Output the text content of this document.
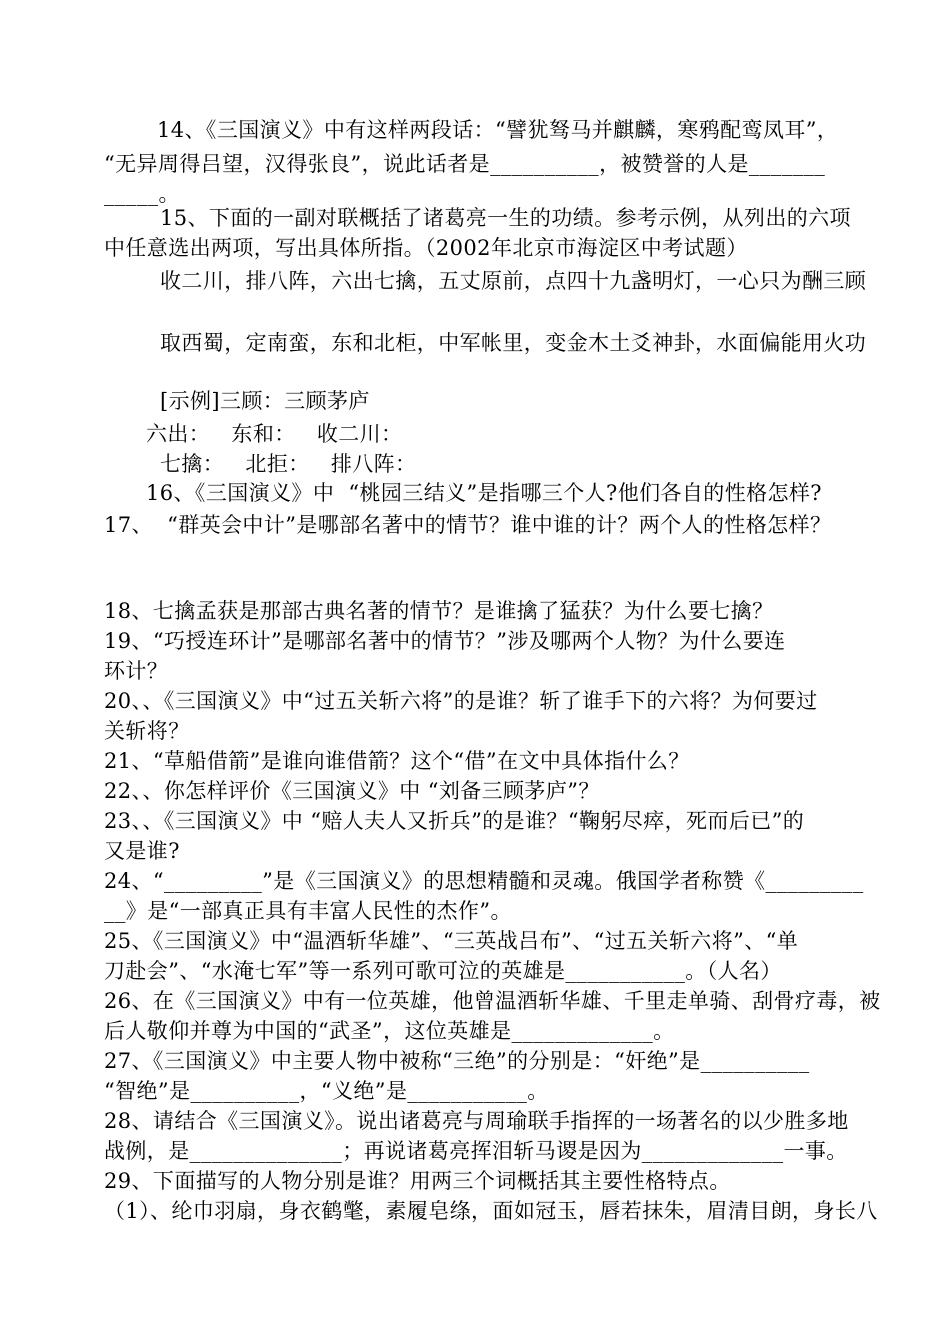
14、《三国演义》中有这样两段话：“譬犹驽马并麒麟，寒鸦配鸾凤耳”，
“无异周得吕望，汉得张良”，说此话者是__________，被赞誉的人是_______
_____。
15、下面的一副对联概括了诸葛亮一生的功绩。参考示例，从列出的六项
中任意选出两项，写出具体所指。（2002年北京市海淀区中考试题）
收二川，排八阵，六出七擒，五丈原前，点四十九盏明灯，一心只为酬三顾
取西蜀，定南蛮，东和北柜，中军帐里，变金木土爻神卦，水面偏能用火功
[示例]三顾：三顾茅庐
六出：   东和：   收二川：
七擒：   北拒：   排八阵：
16、《三国演义》中  “桃园三结义”是指哪三个人?他们各自的性格怎样?
17、  “群英会中计”是哪部名著中的情节？谁中谁的计？两个人的性格怎样？
18、七擒孟获是那部古典名著的情节？是谁擒了猛获？为什么要七擒？
19、“巧授连环计”是哪部名著中的情节？”涉及哪两个人物？为什么要连
环计？
20、、《三国演义》中“过五关斩六将”的是谁？斩了谁手下的六将？为何要过
关斩将？
21、“草船借箭”是谁向谁借箭？这个“借”在文中具体指什么？
22、、你怎样评价《三国演义》中 “刘备三顾茅庐”？
23、、《三国演义》中 “赔人夫人又折兵”的是谁？“鞠躬尽瘁，死而后已”的
又是谁?
24、“_________”是《三国演义》的思想精髓和灵魂。俄国学者称赞《_________
__》是“一部真正具有丰富人民性的杰作”。
25、《三国演义》中“温酒斩华雄”、“三英战吕布”、“过五关斩六将”、“单
刀赴会”、“水淹七军”等一系列可歌可泣的英雄是___________。（人名）
26、在《三国演义》中有一位英雄，他曾温酒斩华雄、千里走单骑、刮骨疗毒，被
后人敬仰并尊为中国的“武圣”，这位英雄是_____________。
27、《三国演义》中主要人物中被称“三绝”的分别是：“奸绝”是__________
“智绝”是__________，“义绝”是___________。
28、请结合《三国演义》。说出诸葛亮与周瑜联手指挥的一场著名的以少胜多地
战例，是______________；再说诸葛亮挥泪斩马谡是因为_____________一事。
29、下面描写的人物分别是谁？用两三个词概括其主要性格特点。
（1）、纶巾羽扇，身衣鹤氅，素履皂绦，面如冠玉，唇若抹朱，眉清目朗，身长八
